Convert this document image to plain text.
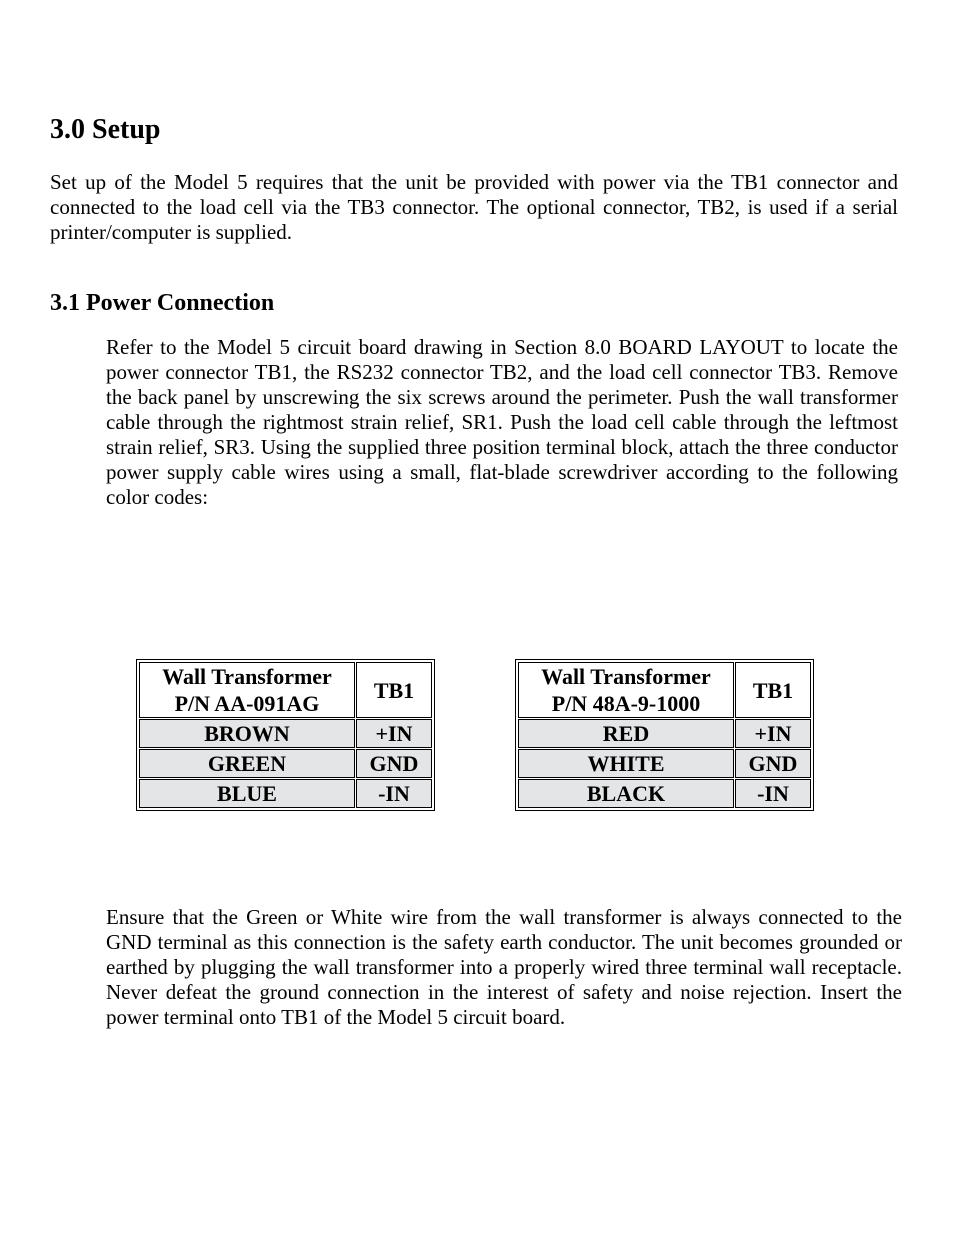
3.0 Setup

Set up of the Model 5 requires that the unit be provided with power via the TB1 connector and connected to the load cell via the TB3 connector. The optional connector, TB2, is used if a serial printer/computer is supplied.

3.1 Power Connection

Refer to the Model 5 circuit board drawing in Section 8.0 BOARD LAYOUT to locate the power connector TB1, the RS232 connector TB2, and the load cell connector TB3. Remove the back panel by unscrewing the six screws around the perimeter. Push the wall transformer cable through the rightmost strain relief, SR1. Push the load cell cable through the leftmost strain relief, SR3. Using the supplied three position terminal block, attach the three conductor power supply cable wires using a small, flat-blade screwdriver according to the following color codes:

Wall Transformer
P/N AA-091AG	TB1
BROWN	+IN
GREEN	GND
BLUE	-IN
Wall Transformer
P/N 48A-9-1000	TB1
RED	+IN
WHITE	GND
BLACK	-IN

Ensure that the Green or White wire from the wall transformer is always connected to the GND terminal as this connection is the safety earth conductor. The unit becomes grounded or earthed by plugging the wall transformer into a properly wired three terminal wall receptacle. Never defeat the ground connection in the interest of safety and noise rejection. Insert the power terminal onto TB1 of the Model 5 circuit board.
